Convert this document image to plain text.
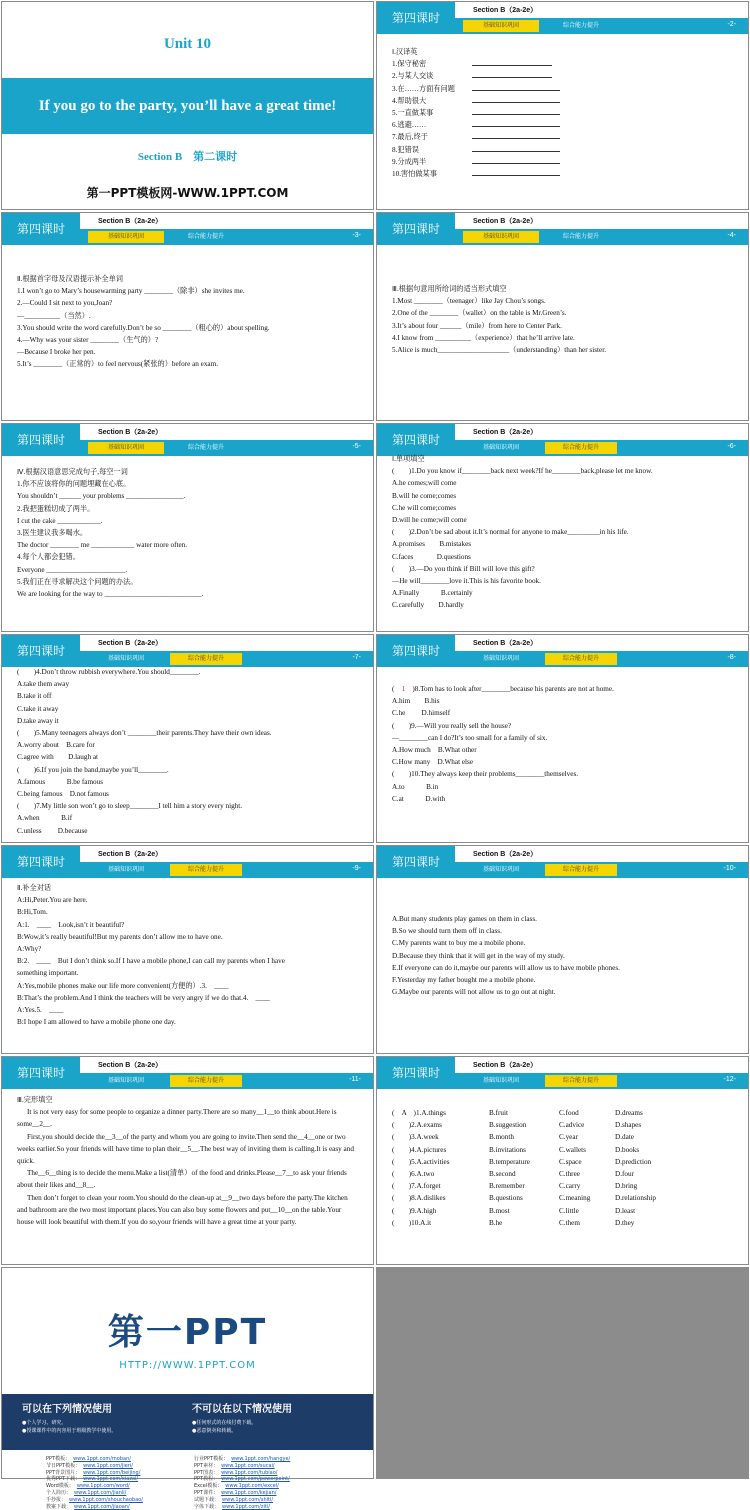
Unit 10
If you go to the party, you’ll have a great time!
Section B　第二课时
第一PPT模板网-WWW.1PPT.COM
第四课时
Section B（2a-2e）
基础知识巩固	综合能力提升	-2-
Ⅰ.汉译英
1.保守秘密
2.与某人交谈
3.在……方面有问题
4.帮助很大
5.一直做某事
6.逃避……
7.最后,终于
8.犯错误
9.分成两半
10.害怕做某事
第四课时
Section B（2a-2e）
基础知识巩固	综合能力提升	-3-
Ⅱ.根据首字母及汉语提示补全单词
1.I won’t go to Mary’s housewarming party ________（除非）she invites me.
2.—Could I sit next to you,Joan?
—__________（当然）.
3.You should write the word carefully.Don’t be so ________（粗心的）about spelling.
4.—Why was your sister ________（生气的）?
—Because I broke her pen.
5.It’s ________（正常的）to feel nervous(紧张的）before an exam.
第四课时
Section B（2a-2e）
基础知识巩固	综合能力提升	-4-
Ⅲ.根据句意用所给词的适当形式填空
1.Most ________（teenager）like Jay Chou’s songs.
2.One of the ________（wallet）on the table is Mr.Green’s.
3.It’s about four ______（mile）from here to Center Park.
4.I know from __________（experience）that he’ll arrive late.
5.Alice is much____________________（understanding）than her sister.
第四课时
Section B（2a-2e）
基础知识巩固	综合能力提升	-5-
Ⅳ.根据汉语意思完成句子,每空一词
1.你不应该将你的问题埋藏在心底。
You shouldn’t ______ your problems ________________.
2.我把蛋糕切成了两半。
I cut the cake ____________.
3.医生建议我多喝水。
The doctor ________ me ____________ water more often.
4.每个人都会犯错。
Everyone ______________________.
5.我们正在寻求解决这个问题的办法。
We are looking for the way to ___________________________.
第四课时
Section B（2a-2e）
基础知识巩固	综合能力提升	-6-
Ⅰ.单项填空
(　　)1.Do you know if________back next week?If he________back,please let me know.
A.he comes;will come
B.will he come;comes
C.he will come;comes
D.will he come;will come
(　　)2.Don’t be sad about it.It’s normal for anyone to make_________in his life.
A.promises　　B.mistakes
C.faces　　　 D.questions
(　　)3.—Do you think if Bill will love this gift?
—He will________love it.This is his favorite book.
A.Finally　　　B.certainly
C.carefully　　D.hardly
第四课时
Section B（2a-2e）
基础知识巩固	综合能力提升	-7-
(　　)4.Don’t throw rubbish everywhere.You should________.
A.take them away
B.take it off
C.take it away
D.take away it
(　　)5.Many teenagers always don’t ________their parents.They have their own ideas.
A.worry about　B.care for
C.agree with　　D.laugh at
(　　)6.If you join the band,maybe you’ll________.
A.famous　　　B.be famous
C.being famous　D.not famous
(　　)7.My little son won’t go to sleep________I tell him a story every night.
A.when　　　B.if
C.unless　　 D.because
第四课时
Section B（2a-2e）
基础知识巩固	综合能力提升	-8-
(　1　)8.Tom has to look after________because his parents are not at home.
A.him　　B.his
C.he　　 D.himself
(　　)9.—Will you really sell the house?
—________can I do?It’s too small for a family of six.
A.How much　B.What other
C.How many　D.What else
(　　)10.They always keep their problems________themselves.
A.to　　　B.in
C.at　　　D.with
第四课时
Section B（2a-2e）
基础知识巩固	综合能力提升	-9-
Ⅱ.补全对话
A:Hi,Peter.You are here.
B:Hi,Tom.
A:1.　____　Look,isn’t it beautiful?
B:Wow,it’s really beautiful!But my parents don’t allow me to have one.
A:Why?
B:2.　____　But I don’t think so.If I have a mobile phone,I can call my parents when I have
something important.
A:Yes,mobile phones make our life more convenient(方便的）.3.　____
B:That’s the problem.And I think the teachers will be very angry if we do that.4.　____
A:Yes.5.　____
B:I hope I am allowed to have a mobile phone one day.
第四课时
Section B（2a-2e）
基础知识巩固	综合能力提升	-10-
A.But many students play games on them in class.
B.So we should turn them off in class.
C.My parents want to buy me a mobile phone.
D.Because they think that it will get in the way of my study.
E.If everyone can do it,maybe our parents will allow us to have mobile phones.
F.Yesterday my father bought me a mobile phone.
G.Maybe our parents will not allow us to go out at night.
第四课时
Section B（2a-2e）
基础知识巩固	综合能力提升	-11-
Ⅲ.完形填空
It is not very easy for some people to organize a dinner party.There are so many__1__to think about.Here is some__2__.
First,you should decide the__3__of the party and whom you are going to invite.Then send the__4__one or two weeks earlier.So your friends will have time to plan their__5__.The best way of inviting them is calling.It is easy and quick.
The__6__thing is to decide the menu.Make a list(清单）of the food and drinks.Please__7__to ask your friends about their likes and__8__.
Then don’t forget to clean your room.You should do the clean-up at__9__two days before the party.The kitchen and bathroom are the two most important places.You can also buy some flowers and put__10__on the table.Your house will look beautiful with them.If you do so,your friends will have a great time at your party.
第四课时
Section B（2a-2e）
基础知识巩固	综合能力提升	-12-
(　A　)1.A.things	B.fruit	C.food	D.dreams
(　　)2.A.exams	B.suggestion	C.advice	D.shapes
(　　)3.A.week	B.month	C.year	D.date
(　　)4.A.pictures	B.invitations	C.wallets	D.books
(　　)5.A.activities	B.temperature	C.space	D.prediction
(　　)6.A.two	B.second	C.three	D.four
(　　)7.A.forget	B.remember	C.carry	D.bring
(　　)8.A.dislikes	B.questions	C.meaning	D.relationship
(　　)9.A.high	B.most	C.little	D.least
(　　)10.A.it	B.he	C.them	D.they
第一PPT
HTTP://WWW.1PPT.COM
可以在下列情况使用
●个人学习、研究。
●授课课件中的内容用于班级教学中使用。
不可以在以下情况使用
●任何形式的在线付费下载。
●恶意倒卖和转载。
PPT模板： www.1ppt.com/moban/
节日PPT模板： www.1ppt.com/jieri/
PPT背景图片： www.1ppt.com/beijing/
优秀PPT下载： www.1ppt.com/xiazai/
Word模板： www.1ppt.com/word/
个人简历： www.1ppt.com/jianli/
手抄报： www.1ppt.com/shouchaobao/
教案下载： www.1ppt.com/jiaoan/
行业PPT模板： www.1ppt.com/hangye/
PPT素材： www.1ppt.com/sucai/
PPT图表： www.1ppt.com/tubiao/
PPT教程： www.1ppt.com/powerpoint/
Excel模板： www.1ppt.com/excel/
PPT课件： www.1ppt.com/kejian/
试题下载： www.1ppt.com/shiti/
字体下载： www.1ppt.com/ziti/
